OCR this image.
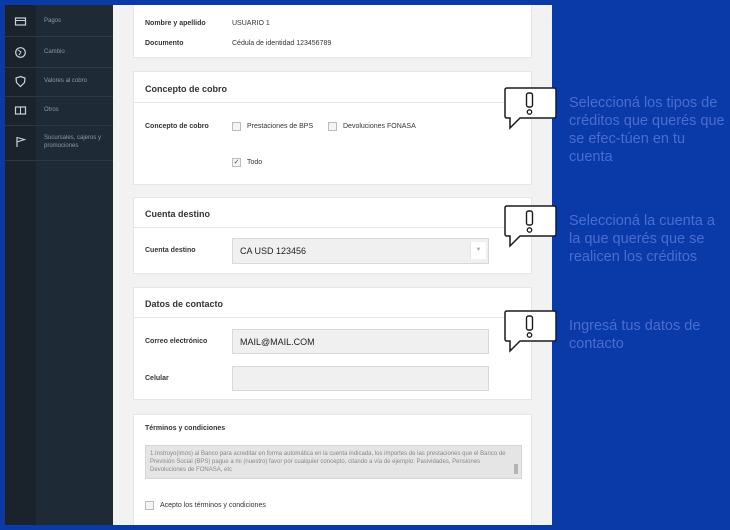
Pagos
Cambio
Valores al cobro
Otros
Sucursales, cajeros y promociones
Nombre y apellido	USUARIO 1
Documento	Cédula de identidad 123456789
Concepto de cobro
Concepto de cobro	Prestaciones de BPS	Devoluciones FONASA
✓ Todo
Cuenta destino
Cuenta destino	CA USD 123456	▼
Datos de contacto
Correo electrónico	MAIL@MAIL.COM
Celular
Términos y condiciones
1.Instruyo(imos) al Banco para acreditar en forma automática en la cuenta indicada, los importes de las prestaciones que el Banco de Previsión Social (BPS) pague a mi (nuestro) favor por cualquier concepto, citando a vía de ejemplo: Pasividades, Pensiones Devoluciones de FONASA, etc
Acepto los términos y condiciones
Seleccioná los tipos de créditos que querés que se efec-túen en tu cuenta
Seleccioná la cuenta a la que querés que se realicen los créditos
Ingresá tus datos de contacto
